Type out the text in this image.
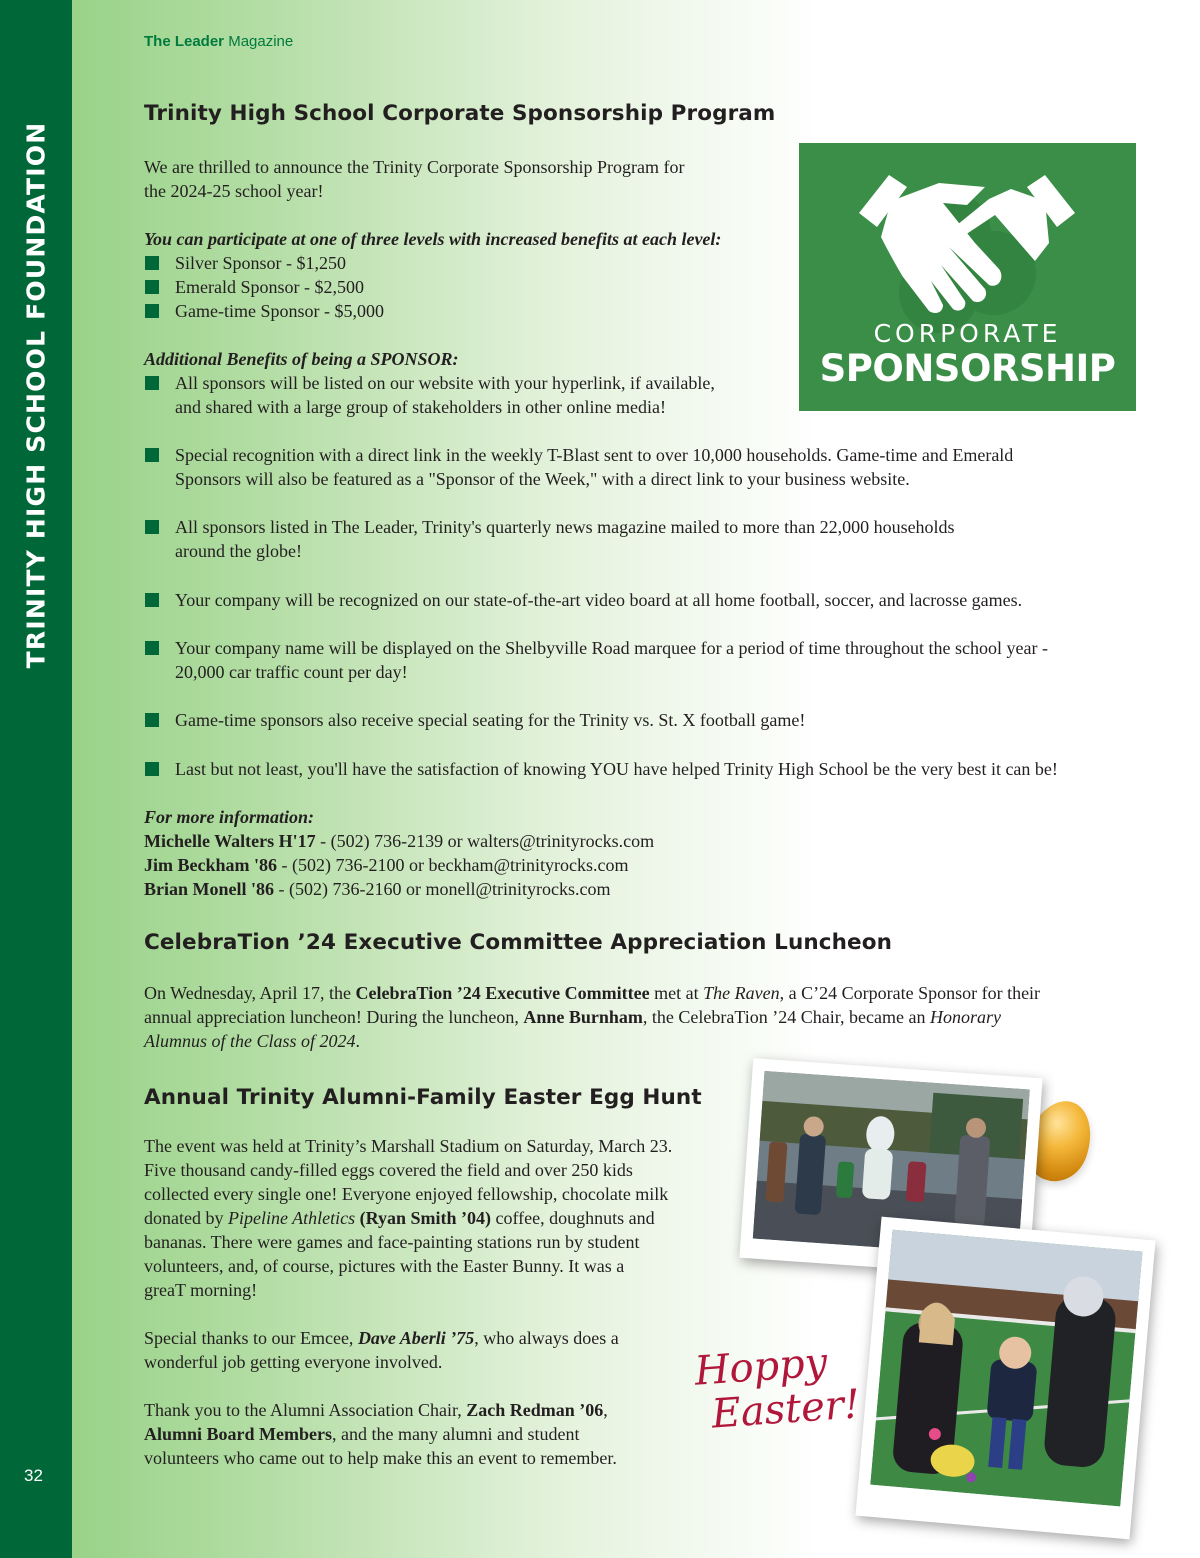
TRINITY HIGH SCHOOL FOUNDATION
32
The Leader Magazine
Trinity High School Corporate Sponsorship Program
We are thrilled to announce the Trinity Corporate Sponsorship Program for
the 2024-25 school year!
You can participate at one of three levels with increased benefits at each level:
Silver Sponsor - $1,250
Emerald Sponsor - $2,500
Game-time Sponsor - $5,000
Additional Benefits of being a SPONSOR:
All sponsors will be listed on our website with your hyperlink, if available,
and shared with a large group of stakeholders in other online media!
Special recognition with a direct link in the weekly T-Blast sent to over 10,000 households. Game-time and Emerald
Sponsors will also be featured as a "Sponsor of the Week," with a direct link to your business website.
All sponsors listed in The Leader, Trinity's quarterly news magazine mailed to more than 22,000 households
around the globe!
Your company will be recognized on our state-of-the-art video board at all home football, soccer, and lacrosse games.
Your company name will be displayed on the Shelbyville Road marquee for a period of time throughout the school year -
20,000 car traffic count per day!
Game-time sponsors also receive special seating for the Trinity vs. St. X football game!
Last but not least, you'll have the satisfaction of knowing YOU have helped Trinity High School be the very best it can be!
For more information:
Michelle Walters H'17 - (502) 736-2139 or walters@trinityrocks.com
Jim Beckham '86 - (502) 736-2100 or beckham@trinityrocks.com
Brian Monell '86 - (502) 736-2160 or monell@trinityrocks.com
CORPORATE
SPONSORSHIP
CelebraTion ’24 Executive Committee Appreciation Luncheon
On Wednesday, April 17, the CelebraTion ’24 Executive Committee met at The Raven, a C’24 Corporate Sponsor for their
annual appreciation luncheon! During the luncheon, Anne Burnham, the CelebraTion ’24 Chair, became an Honorary
Alumnus of the Class of 2024.
Annual Trinity Alumni-Family Easter Egg Hunt
The event was held at Trinity’s Marshall Stadium on Saturday, March 23.
Five thousand candy-filled eggs covered the field and over 250 kids
collected every single one! Everyone enjoyed fellowship, chocolate milk
donated by Pipeline Athletics (Ryan Smith ’04) coffee, doughnuts and
bananas. There were games and face-painting stations run by student
volunteers, and, of course, pictures with the Easter Bunny. It was a
greaT morning!
Special thanks to our Emcee, Dave Aberli ’75, who always does a
wonderful job getting everyone involved.
Thank you to the Alumni Association Chair, Zach Redman ’06,
Alumni Board Members, and the many alumni and student
volunteers who came out to help make this an event to remember.
Hoppy
Easter!
